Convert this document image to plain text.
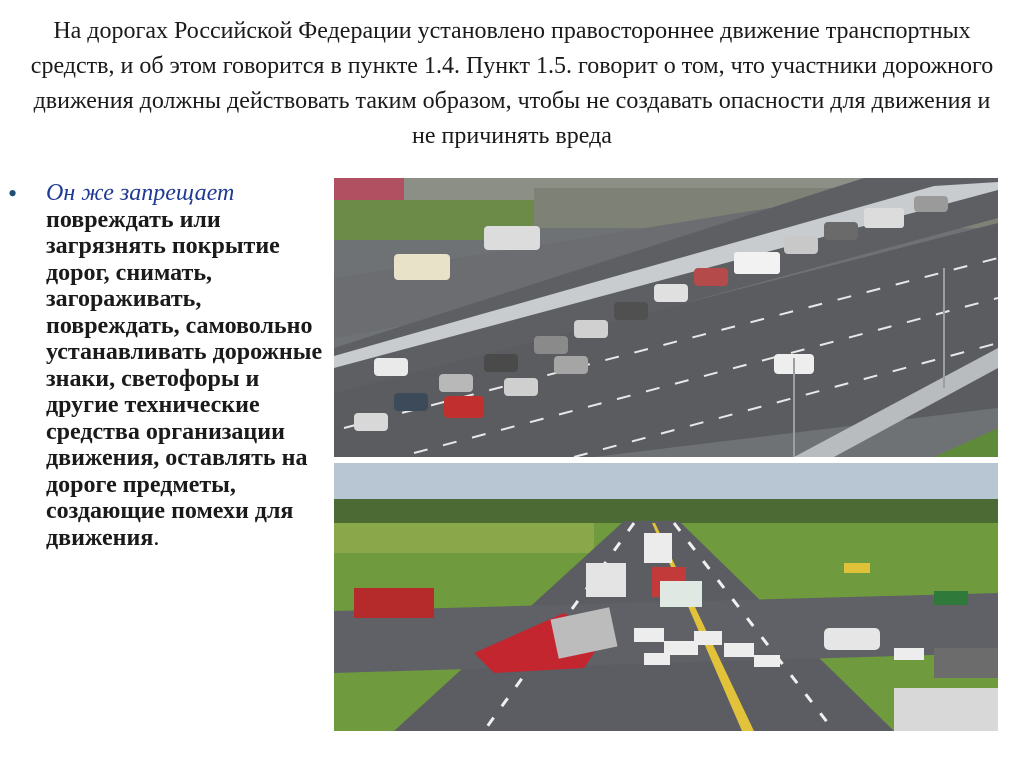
На дорогах Российской Федерации установлено правостороннее движение транспортных средств, и об этом говорится в пункте 1.4. Пункт 1.5. говорит о том, что участники дорожного движения должны действовать таким образом, чтобы не создавать опасности для движения и не причинять вреда
• Он же запрещает повреждать или загрязнять покрытие дорог, снимать, загораживать, повреждать, самовольно устанавливать дорожные знаки, светофоры и другие технические средства организации движения, оставлять на дороге предметы, создающие помехи для движения.
